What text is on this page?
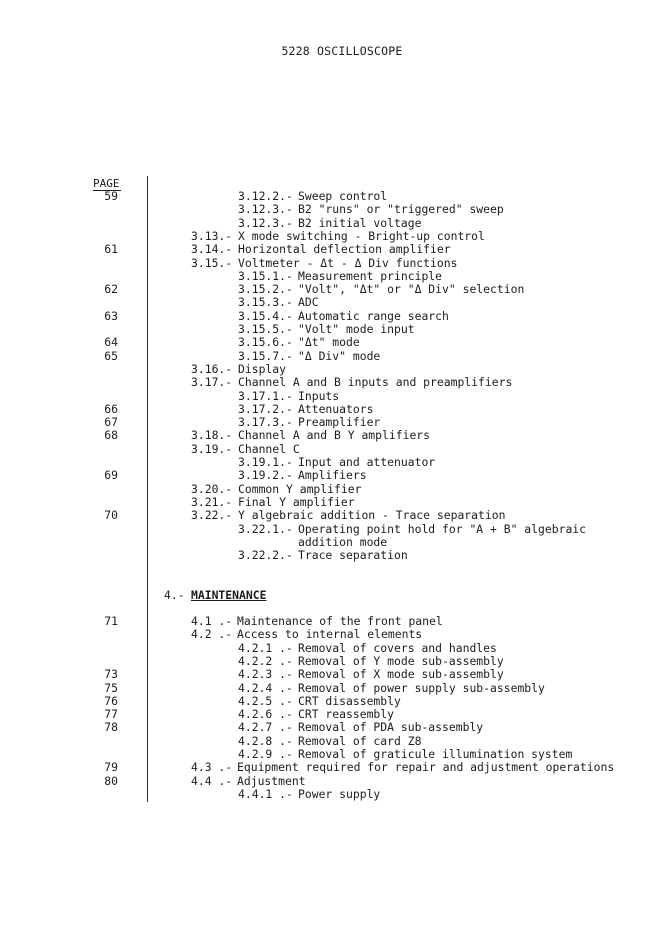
5228 OSCILLOSCOPE
PAGE
59	3.12.2.- Sweep control
3.12.3.- B2 "runs" or "triggered" sweep
3.12.3.- B2 initial voltage
3.13.- X mode switching - Bright-up control
61	3.14.- Horizontal deflection amplifier
3.15.- Voltmeter - Δt - Δ Div functions
3.15.1.- Measurement principle
62	3.15.2.- "Volt", "Δt" or "Δ Div" selection
3.15.3.- ADC
63	3.15.4.- Automatic range search
3.15.5.- "Volt" mode input
64	3.15.6.- "Δt" mode
65	3.15.7.- "Δ Div" mode
3.16.- Display
3.17.- Channel A and B inputs and preamplifiers
3.17.1.- Inputs
66	3.17.2.- Attenuators
67	3.17.3.- Preamplifier
68	3.18.- Channel A and B Y amplifiers
3.19.- Channel C
3.19.1.- Input and attenuator
69	3.19.2.- Amplifiers
3.20.- Common Y amplifier
3.21.- Final Y amplifier
70	3.22.- Y algebraic addition - Trace separation
3.22.1.- Operating point hold for "A + B" algebraic
addition mode
3.22.2.- Trace separation
4.- MAINTENANCE
71	4.1 .- Maintenance of the front panel
4.2 .- Access to internal elements
4.2.1 .- Removal of covers and handles
4.2.2 .- Removal of Y mode sub-assembly
73	4.2.3 .- Removal of X mode sub-assembly
75	4.2.4 .- Removal of power supply sub-assembly
76	4.2.5 .- CRT disassembly
77	4.2.6 .- CRT reassembly
78	4.2.7 .- Removal of PDA sub-assembly
4.2.8 .- Removal of card Z8
4.2.9 .- Removal of graticule illumination system
79	4.3 .- Equipment required for repair and adjustment operations
80	4.4 .- Adjustment
4.4.1 .- Power supply
